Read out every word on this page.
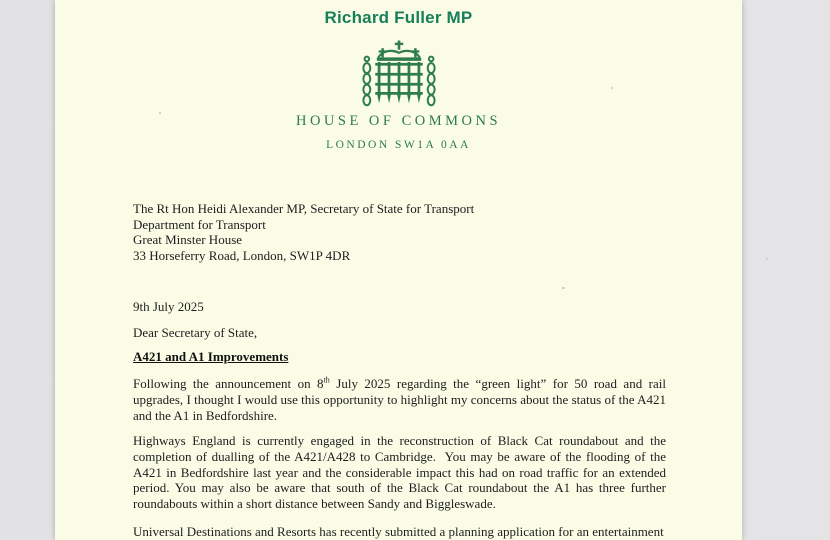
Richard Fuller MP
HOUSE OF COMMONS
LONDON SW1A 0AA
The Rt Hon Heidi Alexander MP, Secretary of State for Transport
Department for Transport
Great Minster House
33 Horseferry Road, London, SW1P 4DR
9th July 2025
Dear Secretary of State,
A421 and A1 Improvements

Following the announcement on 8th July 2025 regarding the “green light” for 50 road and rail upgrades, I thought I would use this opportunity to highlight my concerns about the status of the A421 and the A1 in Bedfordshire.

Highways England is currently engaged in the reconstruction of Black Cat roundabout and the completion of dualling of the A421/A428 to Cambridge.  You may be aware of the flooding of the A421 in Bedfordshire last year and the considerable impact this had on road traffic for an extended period. You may also be aware that south of the Black Cat roundabout the A1 has three further roundabouts within a short distance between Sandy and Biggleswade.

Universal Destinations and Resorts has recently submitted a planning application for an entertainment
